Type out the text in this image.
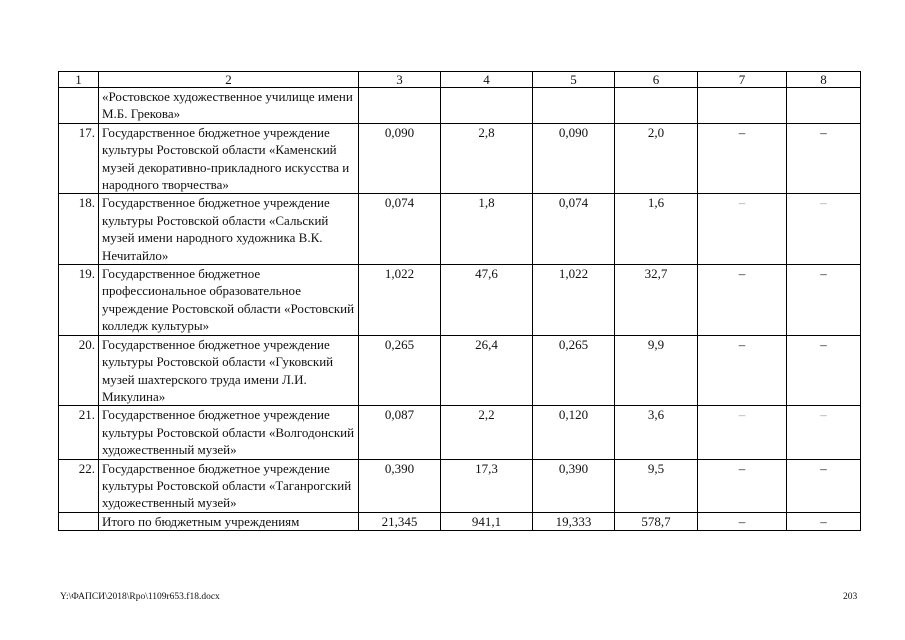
1	2	3	4	5	6	7	8
	«Ростовское художественное училище имени М.Б. Грекова»						
17.	Государственное бюджетное учреждение культуры Ростовской области «Каменский музей декоративно-прикладного искусства и народного творчества»	0,090	2,8	0,090	2,0	–	–
18.	Государственное бюджетное учреждение культуры Ростовской области «Сальский музей имени народного художника В.К. Нечитайло»	0,074	1,8	0,074	1,6	–	–
19.	Государственное бюджетное профессиональное образовательное учреждение Ростовской области «Ростовский колледж культуры»	1,022	47,6	1,022	32,7	–	–
20.	Государственное бюджетное учреждение культуры Ростовской области «Гуковский музей шахтерского труда имени Л.И. Микулина»	0,265	26,4	0,265	9,9	–	–
21.	Государственное бюджетное учреждение культуры Ростовской области «Волгодонский художественный музей»	0,087	2,2	0,120	3,6	–	–
22.	Государственное бюджетное учреждение культуры Ростовской области «Таганрогский художественный музей»	0,390	17,3	0,390	9,5	–	–
	Итого по бюджетным учреждениям	21,345	941,1	19,333	578,7	–	–
Y:\ФАПСИ\2018\Rpo\1109r653.f18.docx	203
